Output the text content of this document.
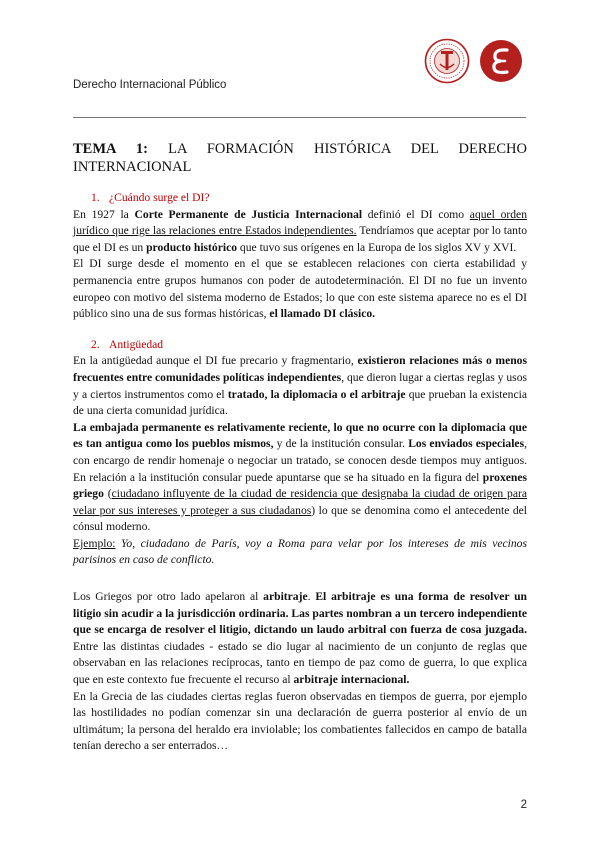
Derecho Internacional Público

TEMA 1: LA FORMACIÓN HISTÓRICA DEL DERECHO INTERNACIONAL

1. ¿Cuándo surge el DI?

En 1927 la Corte Permanente de Justicia Internacional definió el DI como aquel orden jurídico que rige las relaciones entre Estados independientes. Tendríamos que aceptar por lo tanto que el DI es un producto histórico que tuvo sus orígenes en la Europa de los siglos XV y XVI.

El DI surge desde el momento en el que se establecen relaciones con cierta estabilidad y permanencia entre grupos humanos con poder de autodeterminación. El DI no fue un invento europeo con motivo del sistema moderno de Estados; lo que con este sistema aparece no es el DI público sino una de sus formas históricas, el llamado DI clásico.

2. Antigüedad

En la antigüedad aunque el DI fue precario y fragmentario, existieron relaciones más o menos frecuentes entre comunidades políticas independientes, que dieron lugar a ciertas reglas y usos y a ciertos instrumentos como el tratado, la diplomacia o el arbitraje que prueban la existencia de una cierta comunidad jurídica.

La embajada permanente es relativamente reciente, lo que no ocurre con la diplomacia que es tan antigua como los pueblos mismos, y de la institución consular. Los enviados especiales, con encargo de rendir homenaje o negociar un tratado, se conocen desde tiempos muy antiguos. En relación a la institución consular puede apuntarse que se ha situado en la figura del proxenes griego (ciudadano influyente de la ciudad de residencia que designaba la ciudad de origen para velar por sus intereses y proteger a sus ciudadanos) lo que se denomina como el antecedente del cónsul moderno.

Ejemplo: Yo, ciudadano de París, voy a Roma para velar por los intereses de mis vecinos parisinos en caso de conflicto.

Los Griegos por otro lado apelaron al arbitraje. El arbitraje es una forma de resolver un litigio sin acudir a la jurisdicción ordinaria. Las partes nombran a un tercero independiente que se encarga de resolver el litigio, dictando un laudo arbitral con fuerza de cosa juzgada. Entre las distintas ciudades - estado se dio lugar al nacimiento de un conjunto de reglas que observaban en las relaciones recíprocas, tanto en tiempo de paz como de guerra, lo que explica que en este contexto fue frecuente el recurso al arbitraje internacional.

En la Grecia de las ciudades ciertas reglas fueron observadas en tiempos de guerra, por ejemplo las hostilidades no podían comenzar sin una declaración de guerra posterior al envío de un ultimátum; la persona del heraldo era inviolable; los combatientes fallecidos en campo de batalla tenían derecho a ser enterrados…

2
